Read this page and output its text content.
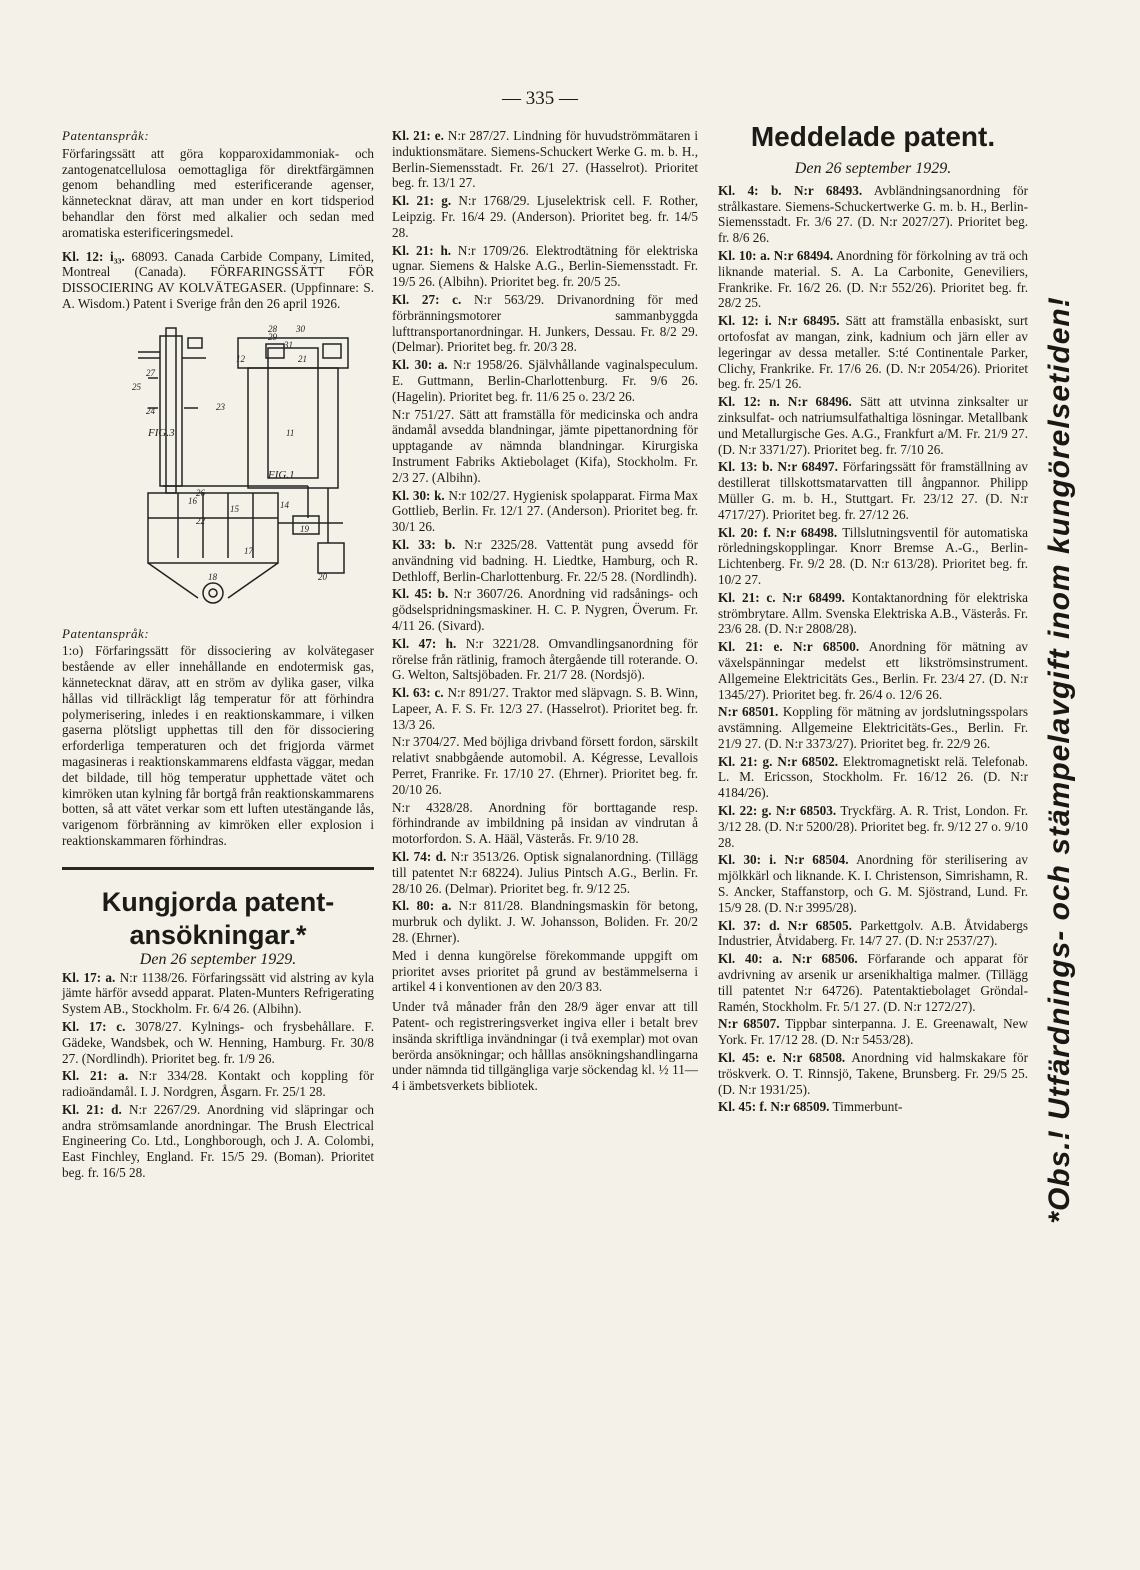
— 335 —

Patentanspråk:

Förfaringssätt att göra kopparoxidammoniak- och zantogenatcellulosa oemottagliga för direktfärgämnen genom behandling med esterificerande agenser, kännetecknat därav, att man under en kort tidsperiod behandlar den först med alkalier och sedan med aromatiska esterificeringsmedel.

Kl. 12: i₃₃. 68093. Canada Carbide Company, Limited, Montreal (Canada). FÖRFARINGSSÄTT FÖR DISSOCIERING AV KOLVÄTEGASER. (Uppfinnare: S. A. Wisdom.) Patent i Sverige från den 26 april 1926.

28 30
29
31
12	21
27
25
23
24
FIG.3	11
26
FIG.1
16	14
15
22
19
17
20
18

Patentanspråk:

1:o) Förfaringssätt för dissociering av kolvätegaser bestående av eller innehållande en endotermisk gas, kännetecknat därav, att en ström av dylika gaser, vilka hållas vid tillräckligt låg temperatur för att förhindra polymerisering, inledes i en reaktionskammare, i vilken gaserna plötsligt upphettas till den för dissociering erforderliga temperaturen och det frigjorda värmet magasineras i reaktionskammarens eldfasta väggar, medan det bildade, till hög temperatur upphettade vätet och kimröken utan kylning får bortgå från reaktionskammarens botten, så att vätet verkar som ett luften utestängande lås, varigenom förbränning av kimröken eller explosion i reaktionskammaren förhindras.

Kungjorda patent-ansökningar.*

Den 26 september 1929.

Kl. 17: a. N:r 1138/26. Förfaringssätt vid alstring av kyla jämte härför avsedd apparat. Platen-Munters Refrigerating System AB., Stockholm. Fr. 6/4 26. (Albihn).

Kl. 17: c. 3078/27. Kylnings- och frysbehållare. F. Gädeke, Wandsbek, och W. Henning, Hamburg. Fr. 30/8 27. (Nordlindh). Prioritet beg. fr. 1/9 26.

Kl. 21: a. N:r 334/28. Kontakt och koppling för radioändamål. I. J. Nordgren, Åsgarn. Fr. 25/1 28.

Kl. 21: d. N:r 2267/29. Anordning vid släpringar och andra strömsamlande anordningar. The Brush Electrical Engineering Co. Ltd., Longhborough, och J. A. Colombi, East Finchley, England. Fr. 15/5 29. (Boman). Prioritet beg. fr. 16/5 28.

Kl. 21: e. N:r 287/27. Lindning för huvudströmmätaren i induktionsmätare. Siemens-Schuckert Werke G. m. b. H., Berlin-Siemensstadt. Fr. 26/1 27. (Hasselrot). Prioritet beg. fr. 13/1 27.

Kl. 21: g. N:r 1768/29. Ljuselektrisk cell. F. Rother, Leipzig. Fr. 16/4 29. (Anderson). Prioritet beg. fr. 14/5 28.

Kl. 21: h. N:r 1709/26. Elektrodtätning för elektriska ugnar. Siemens & Halske A.G., Berlin-Siemensstadt. Fr. 19/5 26. (Albihn). Prioritet beg. fr. 20/5 25.

Kl. 27: c. N:r 563/29. Drivanordning för med förbränningsmotorer sammanbyggda lufttransportanordningar. H. Junkers, Dessau. Fr. 8/2 29. (Delmar). Prioritet beg. fr. 20/3 28.

Kl. 30: a. N:r 1958/26. Självhållande vaginalspeculum. E. Guttmann, Berlin-Charlottenburg. Fr. 9/6 26. (Hagelin). Prioritet beg. fr. 11/6 25 o. 23/2 26.

N:r 751/27. Sätt att framställa för medicinska och andra ändamål avsedda blandningar, jämte pipettanordning för upptagande av nämnda blandningar. Kirurgiska Instrument Fabriks Aktiebolaget (Kifa), Stockholm. Fr. 2/3 27. (Albihn).

Kl. 30: k. N:r 102/27. Hygienisk spolapparat. Firma Max Gottlieb, Berlin. Fr. 12/1 27. (Anderson). Prioritet beg. fr. 30/1 26.

Kl. 33: b. N:r 2325/28. Vattentät pung avsedd för användning vid badning. H. Liedtke, Hamburg, och R. Dethloff, Berlin-Charlottenburg. Fr. 22/5 28. (Nordlindh).

Kl. 45: b. N:r 3607/26. Anordning vid radsånings- och gödselspridningsmaskiner. H. C. P. Nygren, Överum. Fr. 4/11 26. (Sivard).

Kl. 47: h. N:r 3221/28. Omvandlingsanordning för rörelse från rätlinig, framoch återgående till roterande. O. G. Welton, Saltsjöbaden. Fr. 21/7 28. (Nordsjö).

Kl. 63: c. N:r 891/27. Traktor med släpvagn. S. B. Winn, Lapeer, A. F. S. Fr. 12/3 27. (Hasselrot). Prioritet beg. fr. 13/3 26.

N:r 3704/27. Med böjliga drivband försett fordon, särskilt relativt snabbgående automobil. A. Kégresse, Levallois Perret, Franrike. Fr. 17/10 27. (Ehrner). Prioritet beg. fr. 20/10 26.

N:r 4328/28. Anordning för borttagande resp. förhindrande av imbildning på insidan av vindrutan å motorfordon. S. A. Hääl, Västerås. Fr. 9/10 28.

Kl. 74: d. N:r 3513/26. Optisk signalanordning. (Tillägg till patentet N:r 68224). Julius Pintsch A.G., Berlin. Fr. 28/10 26. (Delmar). Prioritet beg. fr. 9/12 25.

Kl. 80: a. N:r 811/28. Blandningsmaskin för betong, murbruk och dylikt. J. W. Johansson, Boliden. Fr. 20/2 28. (Ehrner).

Med i denna kungörelse förekommande uppgift om prioritet avses prioritet på grund av bestämmelserna i artikel 4 i konventionen av den 20/3 83.

Under två månader från den 28/9 äger envar att till Patent- och registreringsverket ingiva eller i betalt brev insända skriftliga invändningar (i två exemplar) mot ovan berörda ansökningar; och hålllas ansökningshandlingarna under nämnda tid tillgängliga varje söckendag kl. ½ 11—4 i ämbetsverkets bibliotek.

Meddelade patent.

Den 26 september 1929.

Kl. 4: b. N:r 68493. Avbländningsanordning för strålkastare. Siemens-Schuckertwerke G. m. b. H., Berlin-Siemensstadt. Fr. 3/6 27. (D. N:r 2027/27). Prioritet beg. fr. 8/6 26.

Kl. 10: a. N:r 68494. Anordning för förkolning av trä och liknande material. S. A. La Carbonite, Geneviliers, Frankrike. Fr. 16/2 26. (D. N:r 552/26). Prioritet beg. fr. 28/2 25.

Kl. 12: i. N:r 68495. Sätt att framställa enbasiskt, surt ortofosfat av mangan, zink, kadnium och järn eller av legeringar av dessa metaller. S:té Continentale Parker, Clichy, Frankrike. Fr. 17/6 26. (D. N:r 2054/26). Prioritet beg. fr. 25/1 26.

Kl. 12: n. N:r 68496. Sätt att utvinna zinksalter ur zinksulfat- och natriumsulfathaltiga lösningar. Metallbank und Metallurgische Ges. A.G., Frankfurt a/M. Fr. 21/9 27. (D. N:r 3371/27). Prioritet beg. fr. 7/10 26.

Kl. 13: b. N:r 68497. Förfaringssätt för framställning av destillerat tillskottsmatarvatten till ångpannor. Philipp Müller G. m. b. H., Stuttgart. Fr. 23/12 27. (D. N:r 4717/27). Prioritet beg. fr. 27/12 26.

Kl. 20: f. N:r 68498. Tillslutningsventil för automatiska rörledningskopplingar. Knorr Bremse A.-G., Berlin-Lichtenberg. Fr. 9/2 28. (D. N:r 613/28). Prioritet beg. fr. 10/2 27.

Kl. 21: c. N:r 68499. Kontaktanordning för elektriska strömbrytare. Allm. Svenska Elektriska A.B., Västerås. Fr. 23/6 28. (D. N:r 2808/28).

Kl. 21: e. N:r 68500. Anordning för mätning av växelspänningar medelst ett likströmsinstrument. Allgemeine Elektricitäts Ges., Berlin. Fr. 23/4 27. (D. N:r 1345/27). Prioritet beg. fr. 26/4 o. 12/6 26.

N:r 68501. Koppling för mätning av jordslutningsspolars avstämning. Allgemeine Elektricitäts-Ges., Berlin. Fr. 21/9 27. (D. N:r 3373/27). Prioritet beg. fr. 22/9 26.

Kl. 21: g. N:r 68502. Elektromagnetiskt relä. Telefonab. L. M. Ericsson, Stockholm. Fr. 16/12 26. (D. N:r 4184/26).

Kl. 22: g. N:r 68503. Tryckfärg. A. R. Trist, London. Fr. 3/12 28. (D. N:r 5200/28). Prioritet beg. fr. 9/12 27 o. 9/10 28.

Kl. 30: i. N:r 68504. Anordning för sterilisering av mjölkkärl och liknande. K. I. Christenson, Simrishamn, R. S. Ancker, Staffanstorp, och G. M. Sjöstrand, Lund. Fr. 15/9 28. (D. N:r 3995/28).

Kl. 37: d. N:r 68505. Parkettgolv. A.B. Åtvidabergs Industrier, Åtvidaberg. Fr. 14/7 27. (D. N:r 2537/27).

Kl. 40: a. N:r 68506. Förfarande och apparat för avdrivning av arsenik ur arsenikhaltiga malmer. (Tillägg till patentet N:r 64726). Patentaktiebolaget Gröndal-Ramén, Stockholm. Fr. 5/1 27. (D. N:r 1272/27).

N:r 68507. Tippbar sinterpanna. J. E. Greenawalt, New York. Fr. 17/12 28. (D. N:r 5453/28).

Kl. 45: e. N:r 68508. Anordning vid halmskakare för tröskverk. O. T. Rinnsjö, Takene, Brunsberg. Fr. 29/5 25. (D. N:r 1931/25).

Kl. 45: f. N:r 68509. Timmerbunt-	*Obs.! Utfärdnings- och stämpelavgift inom kungörelsetiden!
